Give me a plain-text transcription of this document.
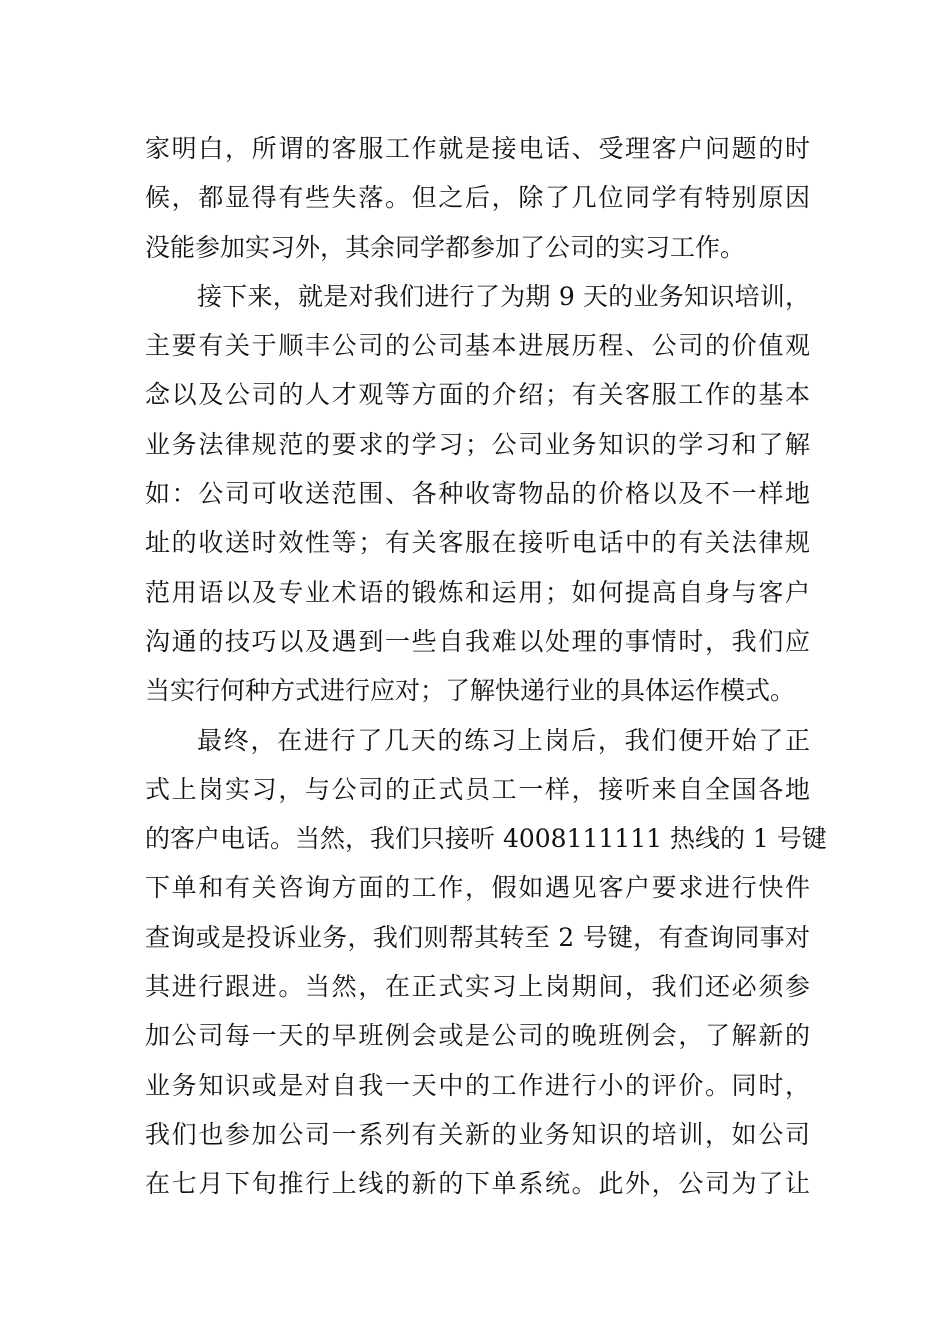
家明白，所谓的客服工作就是接电话、受理客户问题的时
候，都显得有些失落。但之后，除了几位同学有特别原因
没能参加实习外，其余同学都参加了公司的实习工作。
接下来，就是对我们进行了为期 9 天的业务知识培训，
主要有关于顺丰公司的公司基本进展历程、公司的价值观
念以及公司的人才观等方面的介绍；有关客服工作的基本
业务法律规范的要求的学习；公司业务知识的学习和了解
如：公司可收送范围、各种收寄物品的价格以及不一样地
址的收送时效性等；有关客服在接听电话中的有关法律规
范用语以及专业术语的锻炼和运用；如何提高自身与客户
沟通的技巧以及遇到一些自我难以处理的事情时，我们应
当实行何种方式进行应对；了解快递行业的具体运作模式。
最终，在进行了几天的练习上岗后，我们便开始了正
式上岗实习，与公司的正式员工一样，接听来自全国各地
的客户电话。当然，我们只接听 4008111111 热线的 1 号键
下单和有关咨询方面的工作，假如遇见客户要求进行快件
查询或是投诉业务，我们则帮其转至 2 号键，有查询同事对
其进行跟进。当然，在正式实习上岗期间，我们还必须参
加公司每一天的早班例会或是公司的晚班例会，了解新的
业务知识或是对自我一天中的工作进行小的评价。同时，
我们也参加公司一系列有关新的业务知识的培训，如公司
在七月下旬推行上线的新的下单系统。此外，公司为了让
